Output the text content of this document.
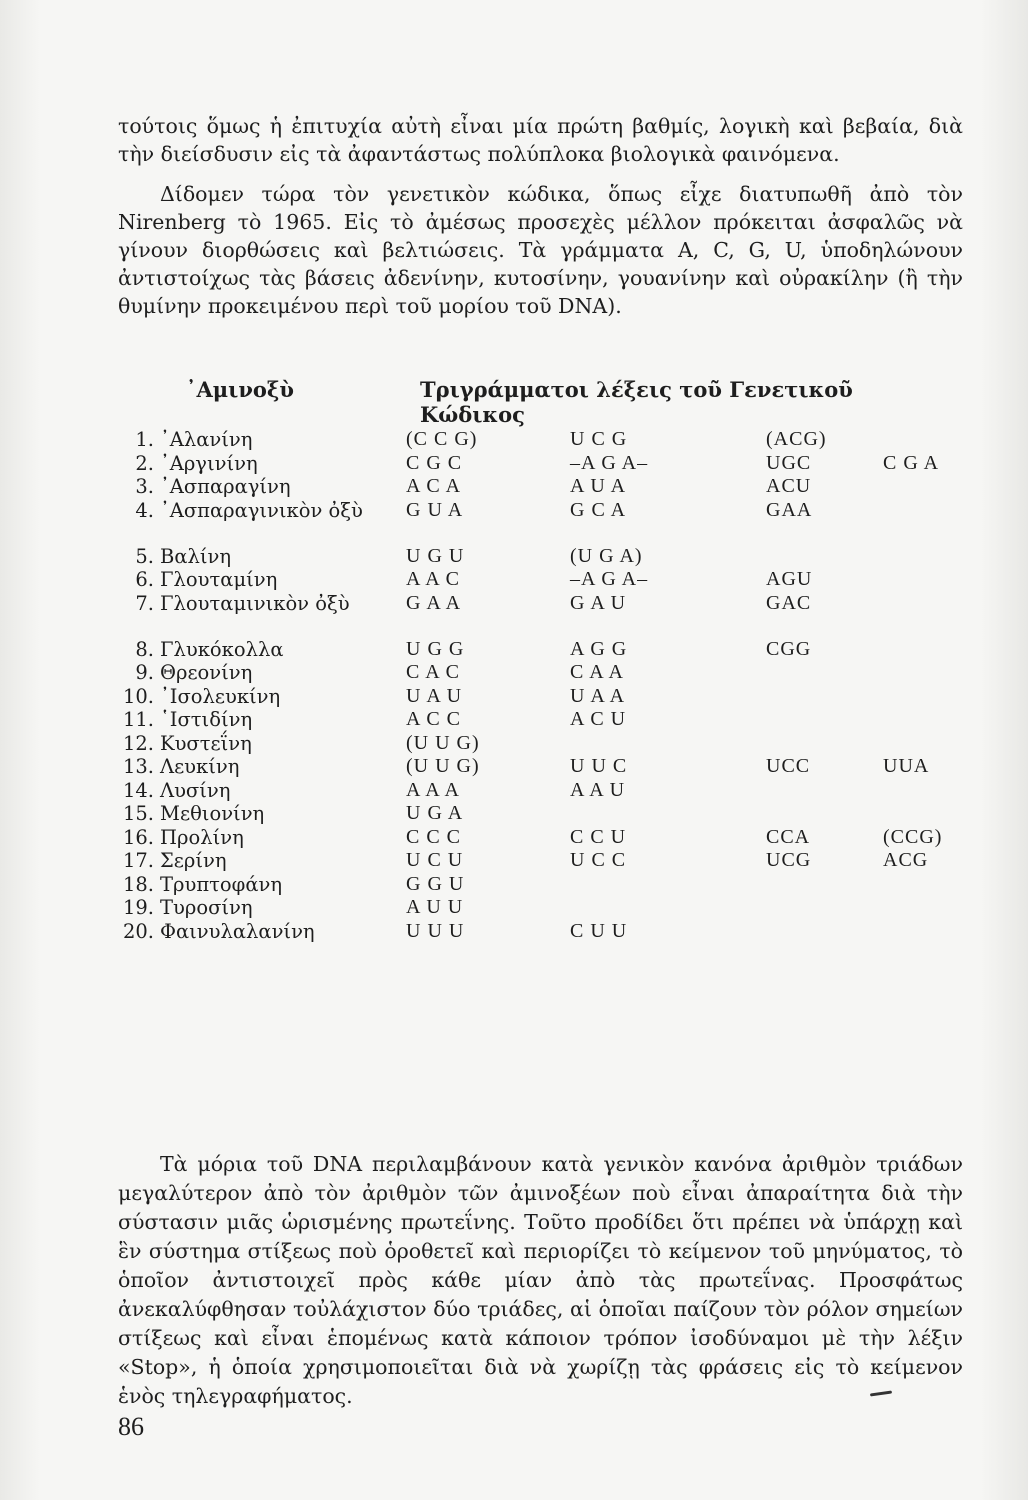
τούτοις ὅμως ἡ ἐπιτυχία αὐτὴ εἶναι μία πρώτη βαθμίς, λογικὴ καὶ βεβαία, διὰ τὴν διείσδυσιν εἰς τὰ ἀφαντάστως πολύπλοκα βιολογικὰ φαινόμενα.

Δίδομεν τώρα τὸν γενετικὸν κώδικα, ὅπως εἶχε διατυπωθῆ ἀπὸ τὸν Nirenberg τὸ 1965. Εἰς τὸ ἀμέσως προσεχὲς μέλλον πρόκειται ἀσφαλῶς νὰ γίνουν διορθώσεις καὶ βελτιώσεις. Τὰ γράμματα A, C, G, U, ὑποδηλώνουν ἀντιστοίχως τὰς βάσεις ἀδενίνην, κυτοσίνην, γουανίνην καὶ οὐρακίλην (ἢ τὴν θυμίνην προκειμένου περὶ τοῦ μορίου τοῦ DNA).

᾿Αμινοξὺ	Τριγράμματοι λέξεις τοῦ Γενετικοῦ Κώδικος
1. ᾿Αλανίνη	(C C G)	U C G	(ACG)
2. ᾿Αργινίνη	C G C	–A G A–	UGC	C G A
3. ᾿Ασπαραγίνη	A C A	A U A	ACU
4. ᾿Ασπαραγινικὸν ὀξὺ	G U A	G C A	GAA
5. Βαλίνη	U G U	(U G A)
6. Γλουταμίνη	A A C	–A G A–	AGU
7. Γλουταμινικὸν ὀξὺ	G A A	G A U	GAC
8. Γλυκόκολλα	U G G	A G G	CGG
9. Θρεονίνη	C A C	C A A
10. ᾿Ισολευκίνη	U A U	U A A
11. ῾Ιστιδίνη	A C C	A C U
12. Κυστεΐνη	(U U G)
13. Λευκίνη	(U U G)	U U C	UCC	UUA
14. Λυσίνη	A A A	A A U
15. Μεθιονίνη	U G A
16. Προλίνη	C C C	C C U	CCA	(CCG)
17. Σερίνη	U C U	U C C	UCG	ACG
18. Τρυπτοφάνη	G G U
19. Τυροσίνη	A U U
20. Φαινυλαλανίνη	U U U	C U U

Τὰ μόρια τοῦ DNA περιλαμβάνουν κατὰ γενικὸν κανόνα ἀριθμὸν τριάδων μεγαλύτερον ἀπὸ τὸν ἀριθμὸν τῶν ἀμινοξέων ποὺ εἶναι ἀπαραίτητα διὰ τὴν σύστασιν μιᾶς ὡρισμένης πρωτεΐνης. Τοῦτο προδίδει ὅτι πρέπει νὰ ὑπάρχῃ καὶ ἓν σύστημα στίξεως ποὺ ὁροθετεῖ καὶ περιορίζει τὸ κείμενον τοῦ μηνύματος, τὸ ὁποῖον ἀντιστοιχεῖ πρὸς κάθε μίαν ἀπὸ τὰς πρωτεΐνας. Προσφάτως ἀνεκαλύφθησαν τοὐλάχιστον δύο τριάδες, αἱ ὁποῖαι παίζουν τὸν ρόλον σημείων στίξεως καὶ εἶναι ἑπομένως κατὰ κάποιον τρόπον ἰσοδύναμοι μὲ τὴν λέξιν «Stop», ἡ ὁποία χρησιμοποιεῖται διὰ νὰ χωρίζῃ τὰς φράσεις εἰς τὸ κείμενον ἑνὸς τηλεγραφήματος.

86
